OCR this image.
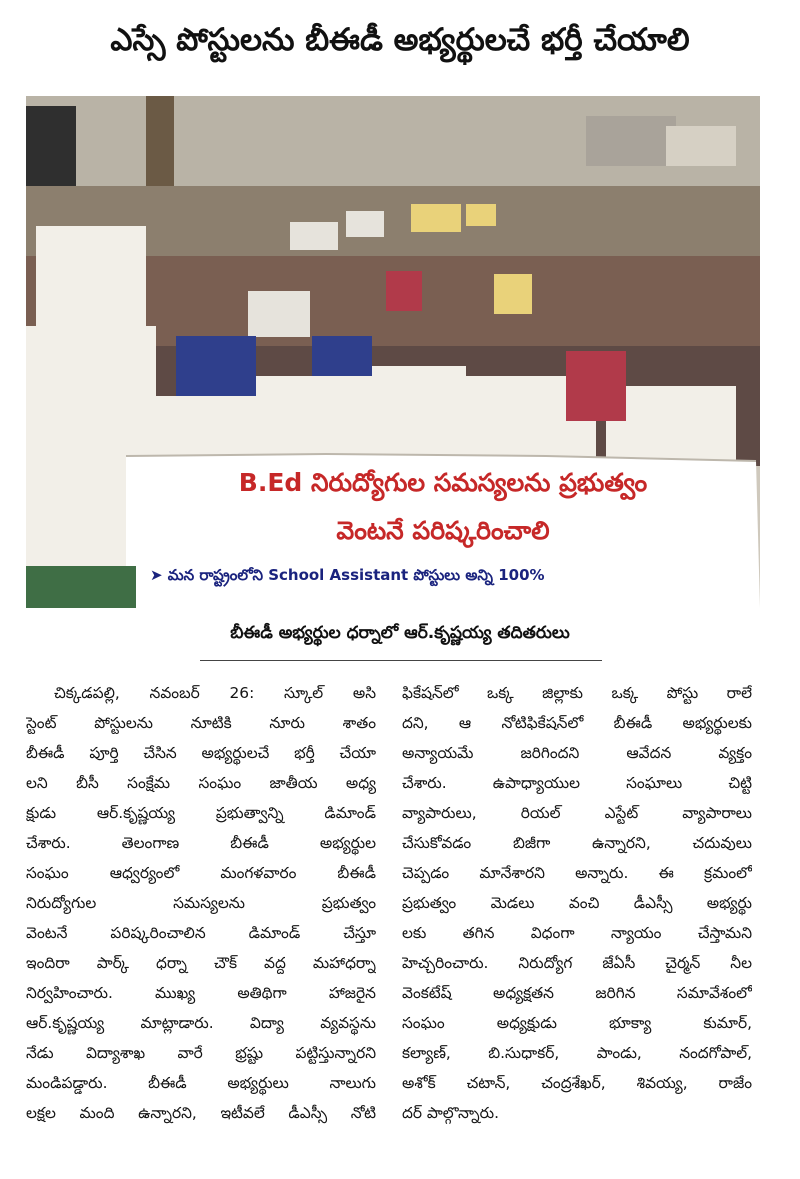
ఎస్సే పోస్టులను బీఈడీ అభ్యర్థులచే భర్తీ చేయాలి
B.Ed నిరుద్యోగుల సమస్యలను ప్రభుత్వం
వెంటనే పరిష్కరించాలి
➤ మన రాష్ట్రంలోని School Assistant పోస్టులు అన్ని 100%
బీఈడీ అభ్యర్థుల ధర్నాలో ఆర్.కృష్ణయ్య తదితరులు
చిక్కడపల్లి, నవంబర్ 26: స్కూల్ అసి
స్టెంట్ పోస్టులను నూటికి నూరు శాతం
బీఈడీ పూర్తి చేసిన అభ్యర్థులచే భర్తీ చేయా
లని బీసీ సంక్షేమ సంఘం జాతీయ అధ్య
క్షుడు ఆర్.కృష్ణయ్య ప్రభుత్వాన్ని డిమాండ్
చేశారు. తెలంగాణ బీఈడీ అభ్యర్థుల
సంఘం ఆధ్వర్యంలో మంగళవారం బీఈడీ
నిరుద్యోగుల సమస్యలను ప్రభుత్వం
వెంటనే పరిష్కరించాలిన డిమాండ్ చేస్తూ
ఇందిరా పార్క్ ధర్నా చౌక్ వద్ద మహాధర్నా
నిర్వహించారు. ముఖ్య అతిథిగా హాజరైన
ఆర్.కృష్ణయ్య మాట్లాడారు. విద్యా వ్యవస్థను
నేడు విద్యాశాఖ వారే భ్రష్టు పట్టిస్తున్నారని
మండిపడ్డారు. బీఈడీ అభ్యర్థులు నాలుగు
లక్షల మంది ఉన్నారని, ఇటీవలే డీఎస్సీ నోటి
ఫికేషన్‌లో ఒక్క జిల్లాకు ఒక్క పోస్టు రాలే
దని, ఆ నోటిఫికేషన్‌లో బీఈడీ అభ్యర్థులకు
అన్యాయమే జరిగిందని ఆవేదన వ్యక్తం
చేశారు. ఉపాధ్యాయుల సంఘాలు చిట్టి
వ్యాపారులు, రియల్ ఎస్టేట్ వ్యాపారాలు
చేసుకోవడం బిజీగా ఉన్నారని, చదువులు
చెప్పడం మానేశారని అన్నారు. ఈ క్రమంలో
ప్రభుత్వం మెడలు వంచి డీఎస్సీ అభ్యర్థు
లకు తగిన విధంగా న్యాయం చేస్తామని
హెచ్చరించారు. నిరుద్యోగ జేఏసీ చైర్మన్ నీల
వెంకటేష్ అధ్యక్షతన జరిగిన సమావేశంలో
సంఘం అధ్యక్షుడు భూక్యా కుమార్,
కల్యాణ్, బి.సుధాకర్, పాండు, నందగోపాల్,
అశోక్ చటాన్, చంద్రశేఖర్, శివయ్య, రాజేం
దర్ పాల్గొన్నారు.
